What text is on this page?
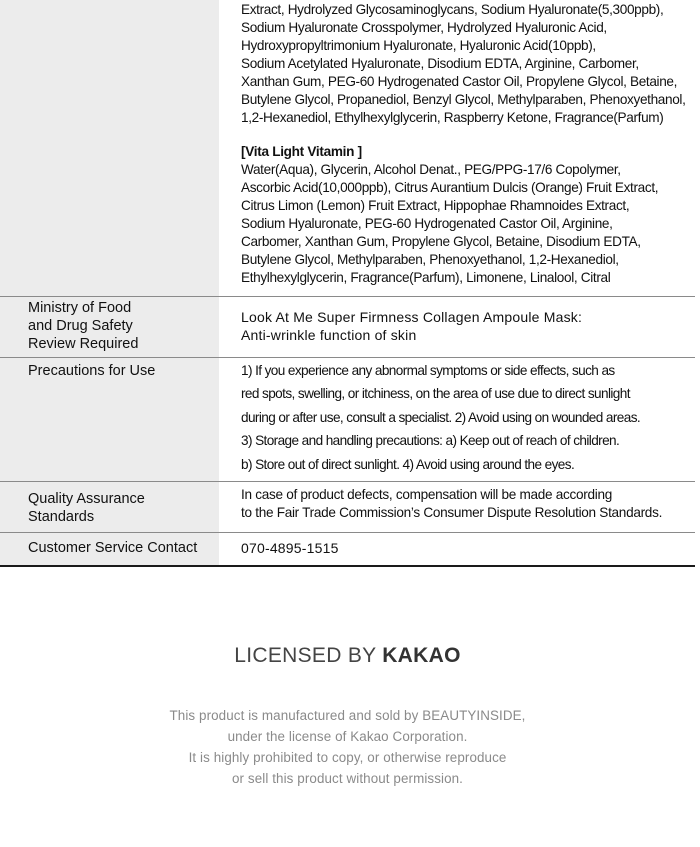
Extract, Hydrolyzed Glycosaminoglycans, Sodium Hyaluronate(5,300ppb),
Sodium Hyaluronate Crosspolymer, Hydrolyzed Hyaluronic Acid,
Hydroxypropyltrimonium Hyaluronate, Hyaluronic Acid(10ppb),
Sodium Acetylated Hyaluronate, Disodium EDTA, Arginine, Carbomer,
Xanthan Gum, PEG-60 Hydrogenated Castor Oil, Propylene Glycol, Betaine,
Butylene Glycol, Propanediol, Benzyl Glycol, Methylparaben, Phenoxyethanol,
1,2-Hexanediol, Ethylhexylglycerin, Raspberry Ketone, Fragrance(Parfum)
[Vita Light Vitamin ]
Water(Aqua), Glycerin, Alcohol Denat., PEG/PPG-17/6 Copolymer,
Ascorbic Acid(10,000ppb), Citrus Aurantium Dulcis (Orange) Fruit Extract,
Citrus Limon (Lemon) Fruit Extract, Hippophae Rhamnoides Extract,
Sodium Hyaluronate, PEG-60 Hydrogenated Castor Oil, Arginine,
Carbomer, Xanthan Gum, Propylene Glycol, Betaine, Disodium EDTA,
Butylene Glycol, Methylparaben, Phenoxyethanol, 1,2-Hexanediol,
Ethylhexylglycerin, Fragrance(Parfum), Limonene, Linalool, Citral
Ministry of Food
and Drug Safety
Review Required
Look At Me Super Firmness Collagen Ampoule Mask:
Anti-wrinkle function of skin
Precautions for Use	1) If you experience any abnormal symptoms or side effects, such as
red spots, swelling, or itchiness, on the area of use due to direct sunlight
during or after use, consult a specialist. 2) Avoid using on wounded areas.
3) Storage and handling precautions: a) Keep out of reach of children.
b) Store out of direct sunlight. 4) Avoid using around the eyes.
Quality Assurance
Standards
In case of product defects, compensation will be made according
to the Fair Trade Commission’s Consumer Dispute Resolution Standards.
Customer Service Contact	070-4895-1515
LICENSED BY KAKAO
This product is manufactured and sold by BEAUTYINSIDE,
under the license of Kakao Corporation.
It is highly prohibited to copy, or otherwise reproduce
or sell this product without permission.
